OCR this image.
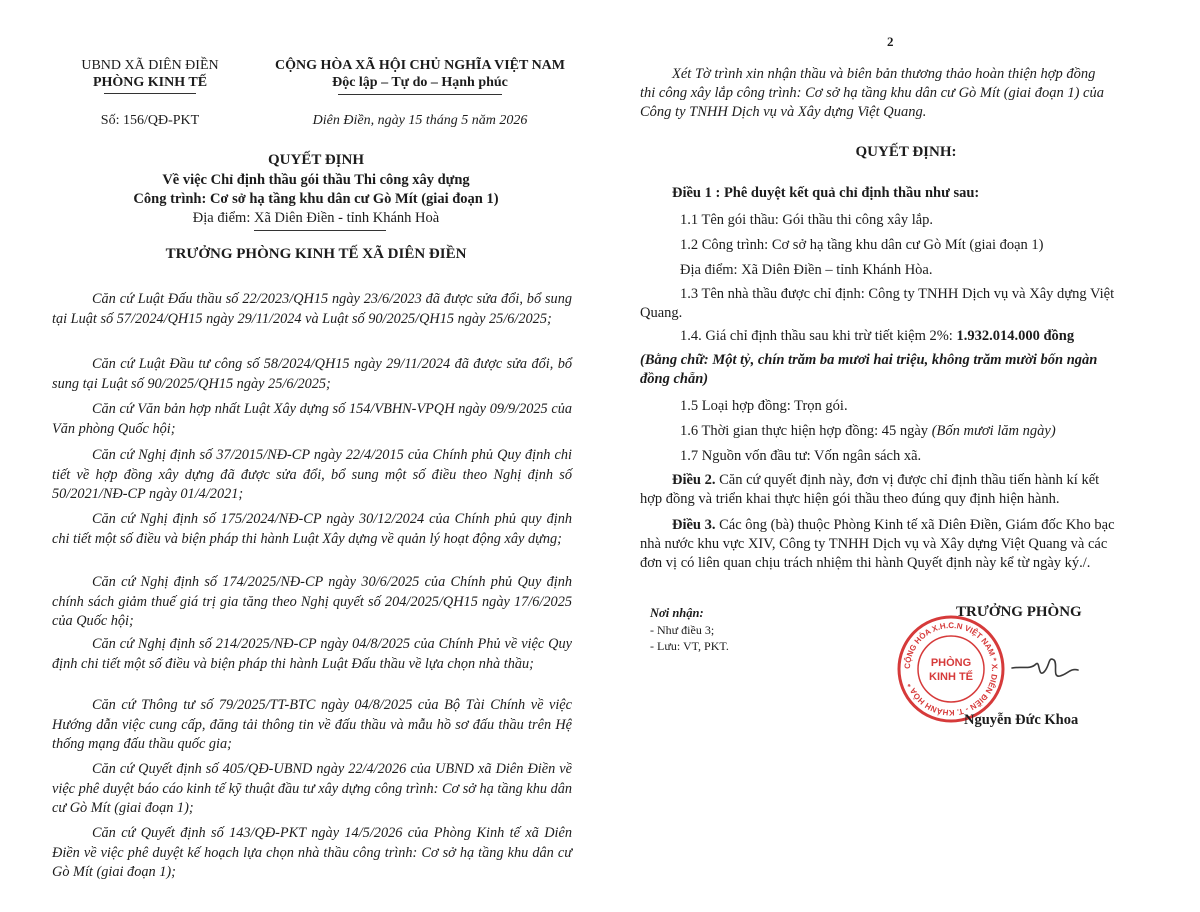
UBND XÃ DIÊN ĐIỀN
PHÒNG KINH TẾ
Số: 156/QĐ-PKT
CỘNG HÒA XÃ HỘI CHỦ NGHĨA VIỆT NAM
Độc lập – Tự do – Hạnh phúc
Diên Điền, ngày 15 tháng 5 năm 2026
QUYẾT ĐỊNH
Về việc Chỉ định thầu gói thầu Thi công xây dựng
Công trình: Cơ sở hạ tầng khu dân cư Gò Mít (giai đoạn 1)
Địa điểm: Xã Diên Điền - tỉnh Khánh Hoà
TRƯỞNG PHÒNG KINH TẾ XÃ DIÊN ĐIỀN
Căn cứ Luật Đấu thầu số 22/2023/QH15 ngày 23/6/2023 đã được sửa đổi, bổ sung tại Luật số 57/2024/QH15 ngày 29/11/2024 và Luật số 90/2025/QH15 ngày 25/6/2025;
Căn cứ Luật Đầu tư công số 58/2024/QH15 ngày 29/11/2024 đã được sửa đổi, bổ sung tại Luật số 90/2025/QH15 ngày 25/6/2025;
Căn cứ Văn bản hợp nhất Luật Xây dựng số 154/VBHN-VPQH ngày 09/9/2025 của Văn phòng Quốc hội;
Căn cứ Nghị định số 37/2015/NĐ-CP ngày 22/4/2015 của Chính phủ Quy định chi tiết về hợp đồng xây dựng đã được sửa đổi, bổ sung một số điều theo Nghị định số 50/2021/NĐ-CP ngày 01/4/2021;
Căn cứ Nghị định số 175/2024/NĐ-CP ngày 30/12/2024 của Chính phủ quy định chi tiết một số điều và biện pháp thi hành Luật Xây dựng về quản lý hoạt động xây dựng;
Căn cứ Nghị định số 174/2025/NĐ-CP ngày 30/6/2025 của Chính phủ Quy định chính sách giảm thuế giá trị gia tăng theo Nghị quyết số 204/2025/QH15 ngày 17/6/2025 của Quốc hội;
Căn cứ Nghị định số 214/2025/NĐ-CP ngày 04/8/2025 của Chính Phủ về việc Quy định chi tiết một số điều và biện pháp thi hành Luật Đấu thầu về lựa chọn nhà thầu;
Căn cứ Thông tư số 79/2025/TT-BTC ngày 04/8/2025 của Bộ Tài Chính về việc Hướng dẫn việc cung cấp, đăng tải thông tin về đấu thầu và mẫu hồ sơ đấu thầu trên Hệ thống mạng đấu thầu quốc gia;
Căn cứ Quyết định số 405/QĐ-UBND ngày 22/4/2026 của UBND xã Diên Điền về việc phê duyệt báo cáo kinh tế kỹ thuật đầu tư xây dựng công trình: Cơ sở hạ tầng khu dân cư Gò Mít (giai đoạn 1);
Căn cứ Quyết định số 143/QĐ-PKT ngày 14/5/2026 của Phòng Kinh tế xã Diên Điền về việc phê duyệt kế hoạch lựa chọn nhà thầu công trình: Cơ sở hạ tầng khu dân cư Gò Mít (giai đoạn 1);
2
Xét Tờ trình xin nhận thầu và biên bản thương thảo hoàn thiện hợp đồng
thi công xây lắp công trình: Cơ sở hạ tầng khu dân cư Gò Mít (giai đoạn 1) của
Công ty TNHH Dịch vụ và Xây dựng Việt Quang.
QUYẾT ĐỊNH:
Điều 1 : Phê duyệt kết quả chỉ định thầu như sau:
1.1 Tên gói thầu: Gói thầu thi công xây lắp.
1.2 Công trình: Cơ sở hạ tầng khu dân cư Gò Mít (giai đoạn 1)
Địa điểm: Xã Diên Điền – tỉnh Khánh Hòa.
1.3 Tên nhà thầu được chỉ định: Công ty TNHH Dịch vụ và Xây dựng Việt
Quang.
1.4. Giá chỉ định thầu sau khi trừ tiết kiệm 2%: 1.932.014.000 đồng
(Bằng chữ: Một tỷ, chín trăm ba mươi hai triệu, không trăm mười bốn ngàn
đồng chẵn)
1.5 Loại hợp đồng: Trọn gói.
1.6 Thời gian thực hiện hợp đồng: 45 ngày (Bốn mươi lăm ngày)
1.7 Nguồn vốn đầu tư: Vốn ngân sách xã.
Điều 2. Căn cứ quyết định này, đơn vị được chỉ định thầu tiến hành kí kết
hợp đồng và triển khai thực hiện gói thầu theo đúng quy định hiện hành.
Điều 3. Các ông (bà) thuộc Phòng Kinh tế xã Diên Điền, Giám đốc Kho bạc
nhà nước khu vực XIV, Công ty TNHH Dịch vụ và Xây dựng Việt Quang và các
đơn vị có liên quan chịu trách nhiệm thi hành Quyết định này kể từ ngày ký./.
Nơi nhận:
- Như điều 3;
- Lưu: VT, PKT.
TRƯỞNG PHÒNG
CỘNG HÒA X.H.C.N VIỆT NAM * X. DIÊN ĐIỀN - T. KHÁNH HÒA *
PHÒNG
KINH TẾ
Nguyễn Đức Khoa
